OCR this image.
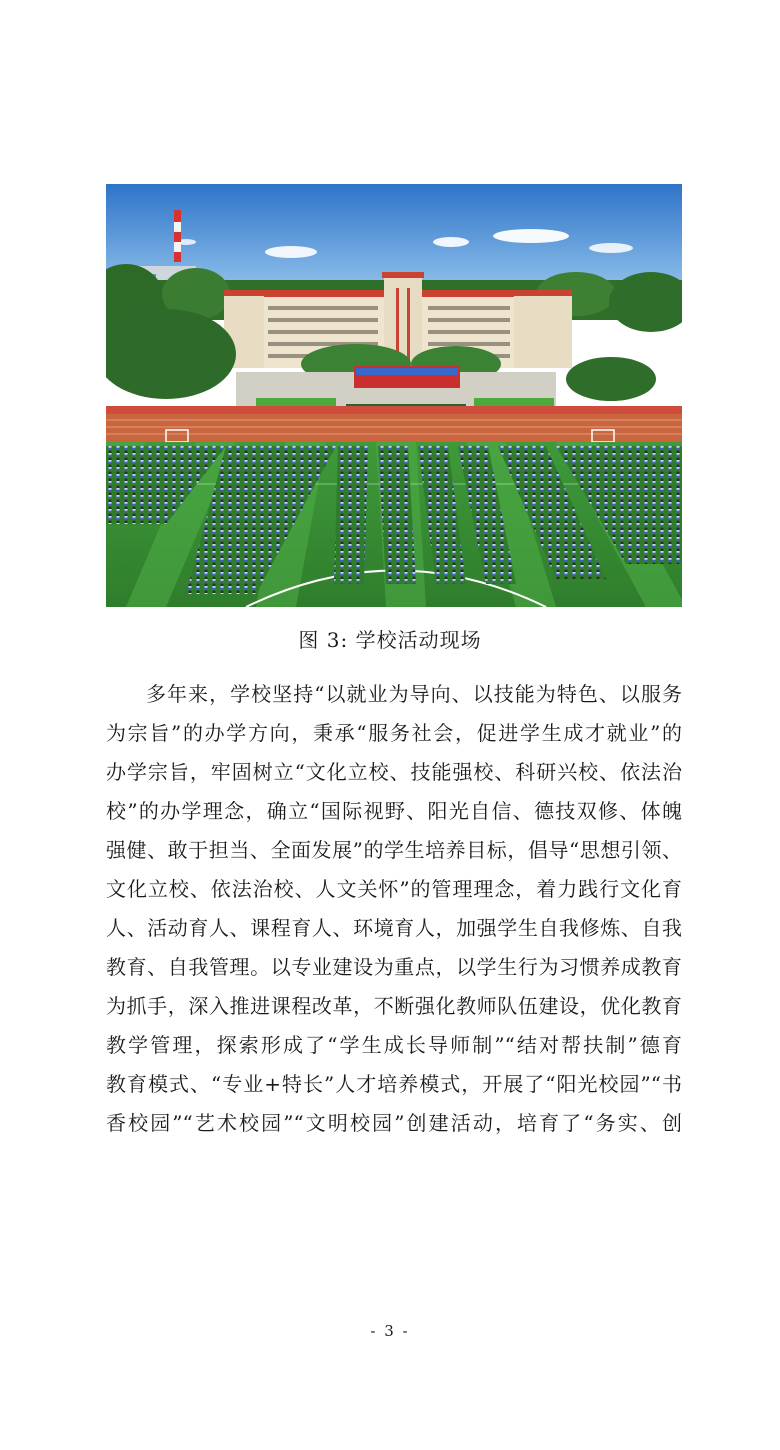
图 3: 学校活动现场
多年来，学校坚持“以就业为导向、以技能为特色、以服务
为宗旨”的办学方向，秉承“服务社会，促进学生成才就业”的
办学宗旨，牢固树立“文化立校、技能强校、科研兴校、依法治
校”的办学理念，确立“国际视野、阳光自信、德技双修、体魄
强健、敢于担当、全面发展”的学生培养目标，倡导“思想引领、
文化立校、依法治校、人文关怀”的管理理念，着力践行文化育
人、活动育人、课程育人、环境育人，加强学生自我修炼、自我
教育、自我管理。以专业建设为重点，以学生行为习惯养成教育
为抓手，深入推进课程改革，不断强化教师队伍建设，优化教育
教学管理，探索形成了“学生成长导师制”“结对帮扶制”德育
教育模式、“专业+特长”人才培养模式，开展了“阳光校园”“书
香校园”“艺术校园”“文明校园”创建活动，培育了“务实、创
- 3 -
